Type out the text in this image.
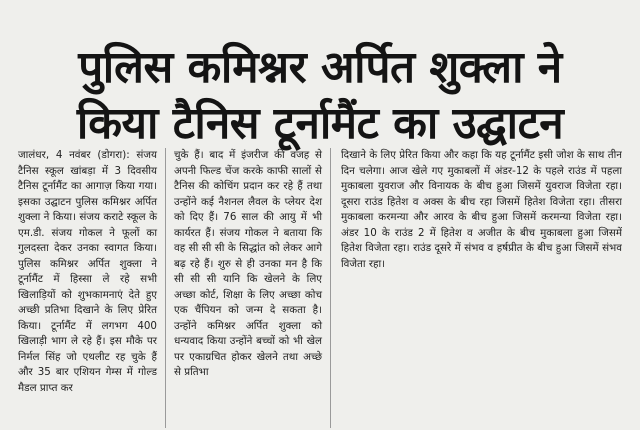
पुलिस कमिश्नर अर्पित शुक्ला ने
किया टैनिस टूर्नामैंट का उद्घाटन

जालंधर, 4 नवंबर (डोगरा): संजय टैनिस स्कूल खांबड़ा में 3 दिवसीय टैनिस टूर्नामैंट का आगाज़ किया गया। इसका उद्घाटन पुलिस कमिश्नर अर्पित शुक्ला ने किया। संजय कराटे स्कूल के एम.डी. संजय गोकल ने फूलों का गुलदस्ता देकर उनका स्वागत किया। पुलिस कमिश्नर अर्पित शुक्ला ने टूर्नामैंट में हिस्सा ले रहे सभी खिलाड़ियों को शुभकामनाएं देते हुए अच्छी प्रतिभा दिखाने के लिए प्रेरित किया। टूर्नामैंट में लगभग 400 खिलाड़ी भाग ले रहे हैं। इस मौके पर निर्मल सिंह जो एथलीट रह चुके हैं और 35 बार एशियन गेम्स में गोल्ड मैडल प्राप्त कर

चुके हैं। बाद में इंजरीज की वजह से अपनी फिल्ड चेंज करके काफी सालों से टैनिस की कोचिंग प्रदान कर रहे हैं तथा उन्होंने कई नैशनल लैवल के प्लेयर देश को दिए हैं। 76 साल की आयु में भी कार्यरत हैं। संजय गोकल ने बताया कि वह सी सी सी के सिद्धांत को लेकर आगे बढ़ रहे हैं। शुरु से ही उनका मन है कि सी सी सी यानि कि खेलने के लिए अच्छा कोर्ट, शिक्षा के लिए अच्छा कोच एक चैंपियन को जन्म दे सकता है। उन्होंने कमिश्नर अर्पित शुक्ला को धन्यवाद किया उन्होंने बच्चों को भी खेल पर एकाग्रचित होकर खेलने तथा अच्छे से प्रतिभा

दिखाने के लिए प्रेरित किया और कहा कि यह टूर्नामैंट इसी जोश के साथ तीन दिन चलेगा। आज खेले गए मुकाबलों में अंडर-12 के पहले राउंड में पहला मुकाबला युवराज और विनायक के बीच हुआ जिसमें युवराज विजेता रहा। दूसरा राउंड हितेश व अक्स के बीच रहा जिसमें हितेश विजेता रहा। तीसरा मुकाबला करमन्या और आरव के बीच हुआ जिसमें करमन्या विजेता रहा। अंडर 10 के राउंड 2 में हितेश व अजीत के बीच मुकाबला हुआ जिसमें हितेश विजेता रहा। राउंड दूसरे में संभव व हर्षप्रीत के बीच हुआ जिसमें संभव विजेता रहा।
